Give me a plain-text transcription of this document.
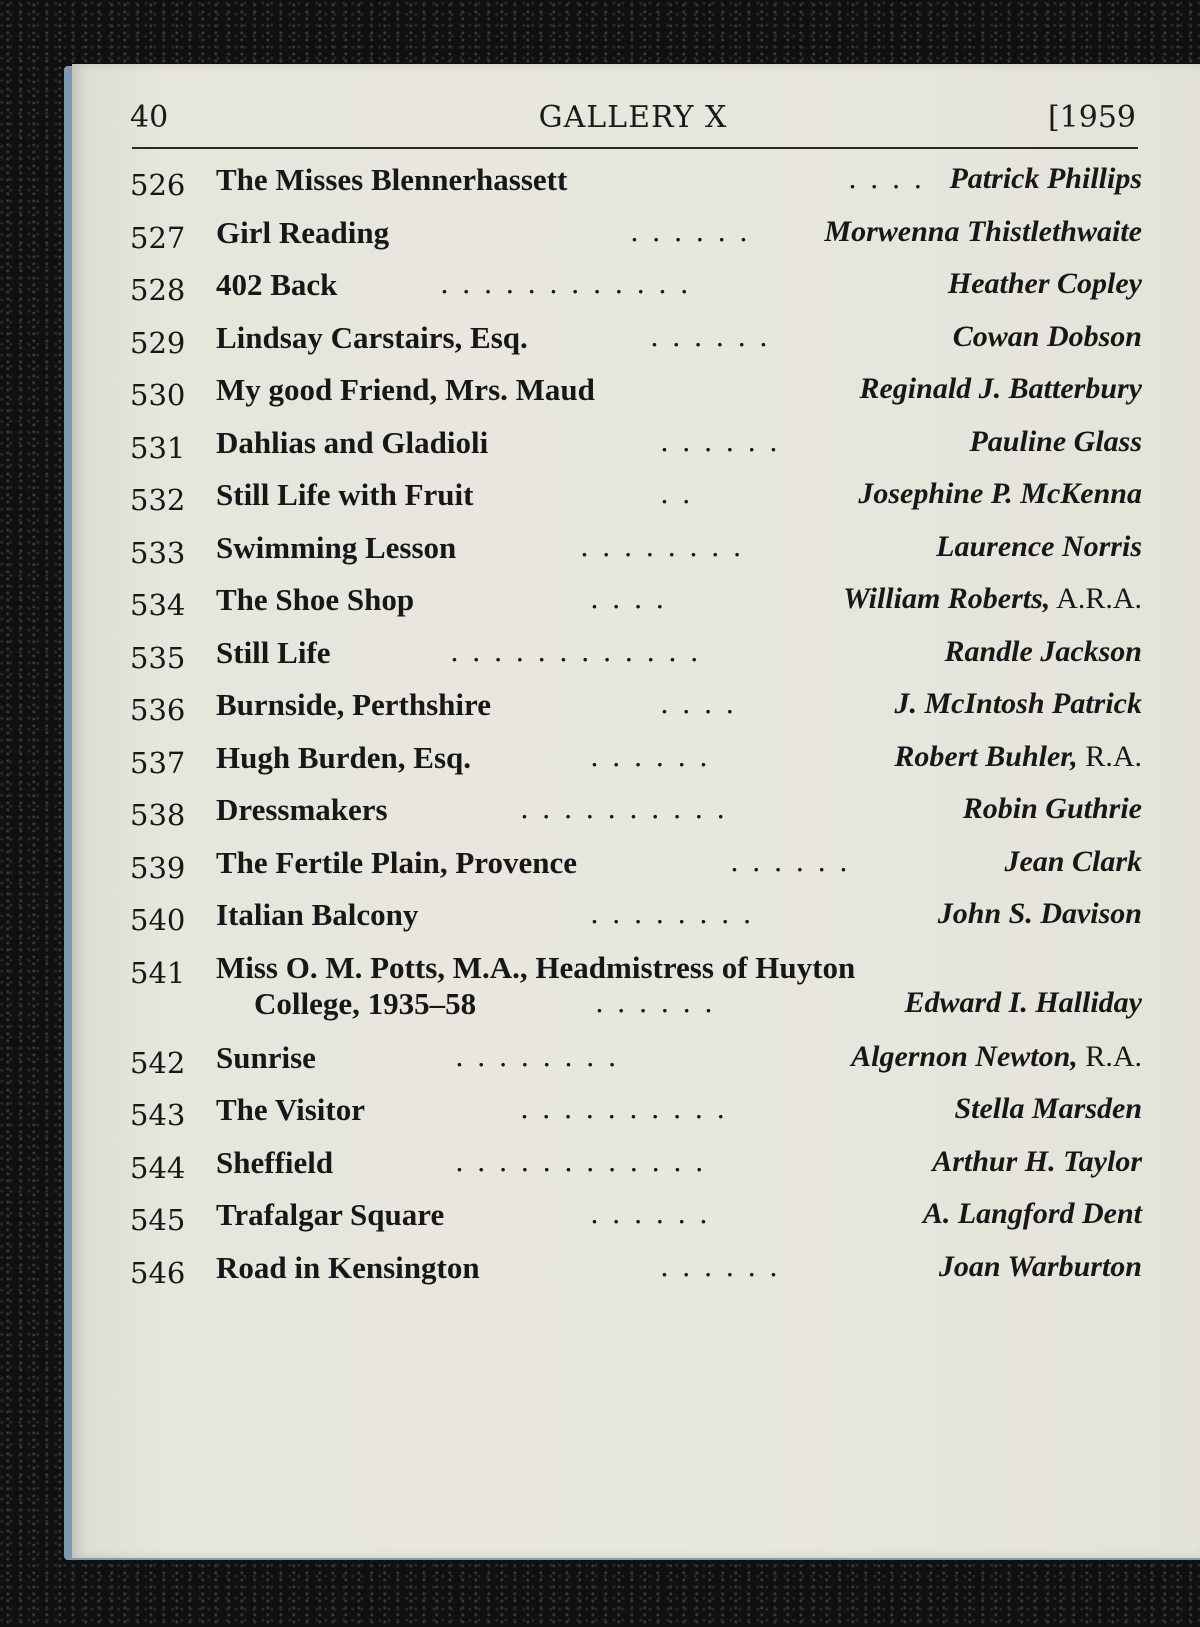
40	GALLERY X	[1959
526 The Misses Blennerhassett	. . . . Patrick Phillips
527 Girl Reading	. . . . . . Morwenna Thistlethwaite
528 402 Back	. . . . . . . . . . . .	Heather Copley
529 Lindsay Carstairs, Esq.	. . . . . .	Cowan Dobson
530 My good Friend, Mrs. Maud	Reginald J. Batterbury
531 Dahlias and Gladioli	. . . . . .	Pauline Glass
532 Still Life with Fruit	. .	Josephine P. McKenna
533 Swimming Lesson	. . . . . . . .	Laurence Norris
534 The Shoe Shop	. . . .	William Roberts, A.R.A.
535 Still Life	. . . . . . . . . . . .	Randle Jackson
536 Burnside, Perthshire	. . . .	J. McIntosh Patrick
537 Hugh Burden, Esq.	. . . . . .	Robert Buhler, R.A.
538 Dressmakers	. . . . . . . . . .	Robin Guthrie
539 The Fertile Plain, Provence	. . . . . .	Jean Clark
540 Italian Balcony	. . . . . . . .	John S. Davison
541 Miss O. M. Potts, M.A., Headmistress of Huyton
College, 1935–58	. . . . . .	Edward I. Halliday
542 Sunrise	. . . . . . . .	Algernon Newton, R.A.
543 The Visitor	. . . . . . . . . .	Stella Marsden
544 Sheffield	. . . . . . . . . . . .	Arthur H. Taylor
545 Trafalgar Square	. . . . . .	A. Langford Dent
546 Road in Kensington	. . . . . .	Joan Warburton
